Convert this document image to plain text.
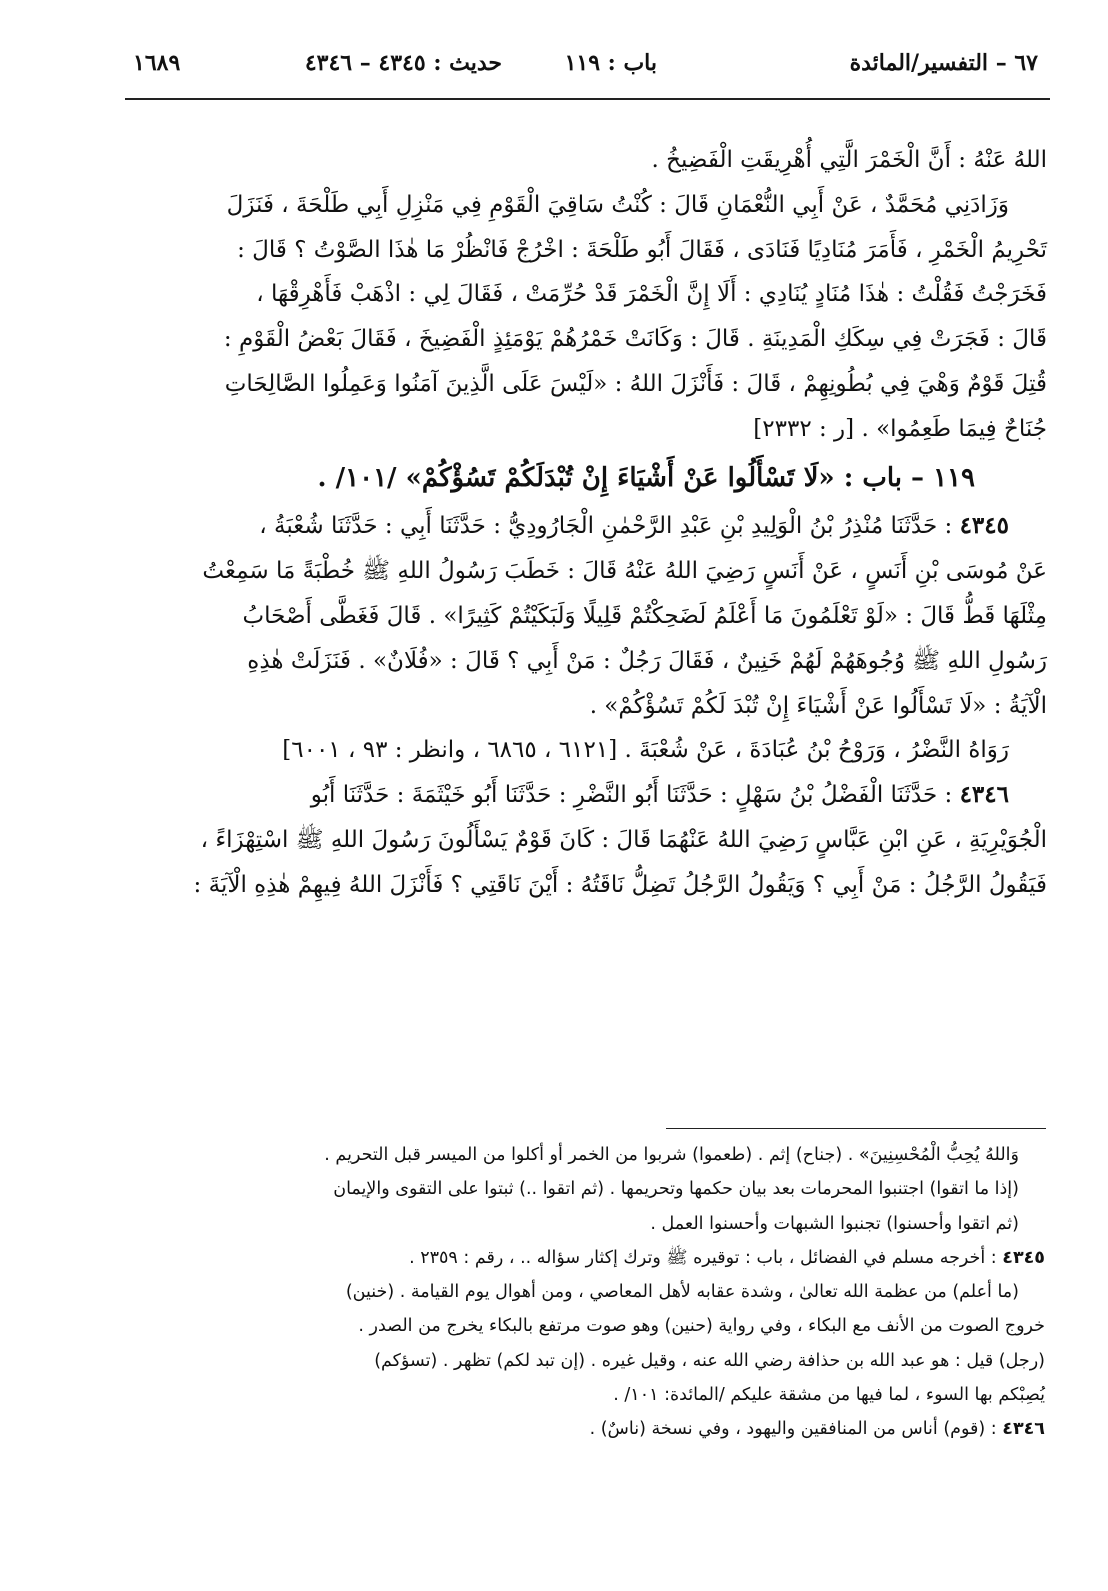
٦٧ – التفسير/المائدة
باب : ١١٩
حديث : ٤٣٤٥ – ٤٣٤٦
١٦٨٩

اللهُ عَنْهُ : أَنَّ الْخَمْرَ الَّتِي أُهْرِيقَتِ الْفَضِيخُ .

وَزَادَنِي مُحَمَّدٌ ، عَنْ أَبِي النُّعْمَانِ قَالَ : كُنْتُ سَاقِيَ الْقَوْمِ فِي مَنْزِلِ أَبِي طَلْحَةَ ، فَنَزَلَ

تَحْرِيمُ الْخَمْرِ ، فَأَمَرَ مُنَادِيًا فَنَادَى ، فَقَالَ أَبُو طَلْحَةَ : اخْرُجْ فَانْظُرْ مَا هٰذَا الصَّوْتُ ؟ قَالَ :

فَخَرَجْتُ فَقُلْتُ : هٰذَا مُنَادٍ يُنَادِي : أَلَا إِنَّ الْخَمْرَ قَدْ حُرِّمَتْ ، فَقَالَ لِي : اذْهَبْ فَأَهْرِقْهَا ،

قَالَ : فَجَرَتْ فِي سِكَكِ الْمَدِينَةِ . قَالَ : وَكَانَتْ خَمْرُهُمْ يَوْمَئِذٍ الْفَضِيخَ ، فَقَالَ بَعْضُ الْقَوْمِ :

قُتِلَ قَوْمٌ وَهْيَ فِي بُطُونِهِمْ ، قَالَ : فَأَنْزَلَ اللهُ : «لَيْسَ عَلَى الَّذِينَ آمَنُوا وَعَمِلُوا الصَّالِحَاتِ

جُنَاحٌ فِيمَا طَعِمُوا» . [ر : ٢٣٣٢]

١١٩ – باب : «لَا تَسْأَلُوا عَنْ أَشْيَاءَ إِنْ تُبْدَلَكُمْ تَسُؤْكُمْ» /١٠١/ .

٤٣٤٥ : حَدَّثَنَا مُنْذِرُ بْنُ الْوَلِيدِ بْنِ عَبْدِ الرَّحْمٰنِ الْجَارُودِيُّ : حَدَّثَنَا أَبِي : حَدَّثَنَا شُعْبَةُ ،

عَنْ مُوسَى بْنِ أَنَسٍ ، عَنْ أَنَسٍ رَضِيَ اللهُ عَنْهُ قَالَ : خَطَبَ رَسُولُ اللهِ ﷺ خُطْبَةً مَا سَمِعْتُ

مِثْلَهَا قَطُّ قَالَ : «لَوْ تَعْلَمُونَ مَا أَعْلَمُ لَضَحِكْتُمْ قَلِيلًا وَلَبَكَيْتُمْ كَثِيرًا» . قَالَ فَغَطَّى أَصْحَابُ

رَسُولِ اللهِ ﷺ وُجُوهَهُمْ لَهُمْ خَنِينٌ ، فَقَالَ رَجُلٌ : مَنْ أَبِي ؟ قَالَ : «فُلَانٌ» . فَنَزَلَتْ هٰذِهِ

الْآيَةُ : «لَا تَسْأَلُوا عَنْ أَشْيَاءَ إِنْ تُبْدَ لَكُمْ تَسُؤْكُمْ» .

رَوَاهُ النَّضْرُ ، وَرَوْحُ بْنُ عُبَادَةَ ، عَنْ شُعْبَةَ . [٦١٢١ ، ٦٨٦٥ ، وانظر : ٩٣ ، ٦٠٠١]

٤٣٤٦ : حَدَّثَنَا الْفَضْلُ بْنُ سَهْلٍ : حَدَّثَنَا أَبُو النَّضْرِ : حَدَّثَنَا أَبُو خَيْثَمَةَ : حَدَّثَنَا أَبُو

الْجُوَيْرِيَةِ ، عَنِ ابْنِ عَبَّاسٍ رَضِيَ اللهُ عَنْهُمَا قَالَ : كَانَ قَوْمٌ يَسْأَلُونَ رَسُولَ اللهِ ﷺ اسْتِهْزَاءً ،

فَيَقُولُ الرَّجُلُ : مَنْ أَبِي ؟ وَيَقُولُ الرَّجُلُ تَضِلُّ نَاقَتُهُ : أَيْنَ نَاقَتِي ؟ فَأَنْزَلَ اللهُ فِيهِمْ هٰذِهِ الْآيَةَ :

وَاللهُ يُحِبُّ الْمُحْسِنِينَ» . (جناح) إثم . (طعموا) شربوا من الخمر أو أكلوا من الميسر قبل التحريم .

(إذا ما اتقوا) اجتنبوا المحرمات بعد بيان حكمها وتحريمها . (ثم اتقوا ..) ثبتوا على التقوى والإيمان

(ثم اتقوا وأحسنوا) تجنبوا الشبهات وأحسنوا العمل .

٤٣٤٥ : أخرجه مسلم في الفضائل ، باب : توقيره ﷺ وترك إكثار سؤاله .. ، رقم : ٢٣٥٩ .

(ما أعلم) من عظمة الله تعالىٰ ، وشدة عقابه لأهل المعاصي ، ومن أهوال يوم القيامة . (خنين)

خروج الصوت من الأنف مع البكاء ، وفي رواية (حنين) وهو صوت مرتفع بالبكاء يخرج من الصدر .

(رجل) قيل : هو عبد الله بن حذافة رضي الله عنه ، وقيل غيره . (إن تبد لكم) تظهر . (تسؤكم)

يُصِبْكم بها السوء ، لما فيها من مشقة عليكم /المائدة: ١٠١/ .

٤٣٤٦ : (قوم) أناس من المنافقين واليهود ، وفي نسخة (ناسٌ) .
